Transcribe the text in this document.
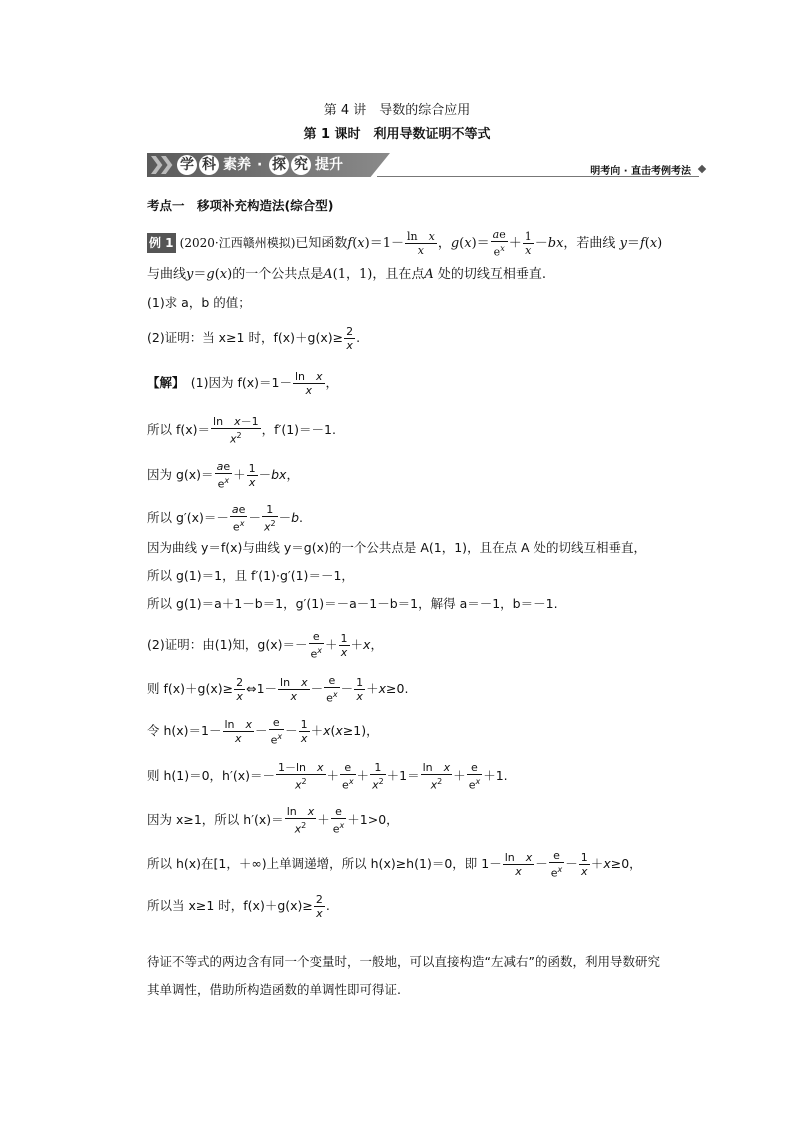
第 4 讲　导数的综合应用
第 1 课时　利用导数证明不等式
学 科 素养 · 探 究 提升	明考向 · 直击考例考法
考点一　移项补充构造法(综合型)
例 1 (2020·江西赣州模拟)已知函数$f(x)=1- \frac{\text{ln　x}}{x}$ ，$g(x)= \frac{ae}{e^x} + \frac{1}{x} -bx$，若曲线 y＝f(x)
与曲线y＝g(x)的一个公共点是A(1，1)，且在点A 处的切线互相垂直.
(1)求 a，b 的值；
(2)证明：当 x≥1 时，$f(x)+g(x)\ge \frac{2}{x}$ .
【解】　 (1)因为 $f(x)=1- \frac{\text{ln　x}}{x}$ ，
所以 $f(x)= \frac{\text{ln　x－1}}{x^2}$ ，f′(1)＝－1.
因为 $g(x)= \frac{ae}{e^x} + \frac{1}{x} -bx$，
所以 $g'(x)=- \frac{ae}{e^x} - \frac{1}{x^2} -b$.
因为曲线 y＝f(x)与曲线 y＝g(x)的一个公共点是 A(1，1)，且在点 A 处的切线互相垂直，
所以 g(1)＝1，且 f′(1)·g′(1)＝－1，
所以 g(1)＝a＋1－b＝1，g′(1)＝－a－1－b＝1，解得 a＝－1，b＝－1.
(2)证明：由(1)知，$g(x)=- \frac{e}{e^x} + \frac{1}{x} +x$，
则 $f(x)+g(x)\ge \frac{2}{x}$ ⇔1－ $\frac{\text{ln　x}}{x} - \frac{e}{e^x} - \frac{1}{x} +x\ge 0$.
令 $h(x)=1- \frac{\text{ln　x}}{x} - \frac{e}{e^x} - \frac{1}{x} +x(x\ge 1)$，
则 h(1)＝0，$h'(x)=- \frac{\text{1－ln　x}}{x^2} + \frac{e}{e^x} + \frac{1}{x^2} +1= \frac{\text{ln　x}}{x^2} + \frac{e}{e^x} +1$.
因为 x≥1，所以 $h'(x)= \frac{\text{ln　x}}{x^2} + \frac{e}{e^x} +1>0$，
所以 h(x)在[1，＋∞)上单调递增，所以 h(x)≥h(1)＝0，即 $1- \frac{\text{ln　x}}{x} - \frac{e}{e^x} - \frac{1}{x} +x\ge 0$，
所以当 x≥1 时，$f(x)+g(x)\ge \frac{2}{x}$ .
待证不等式的两边含有同一个变量时，一般地，可以直接构造“左减右”的函数，利用导数研究其单调性，借助所构造函数的单调性即可得证.
